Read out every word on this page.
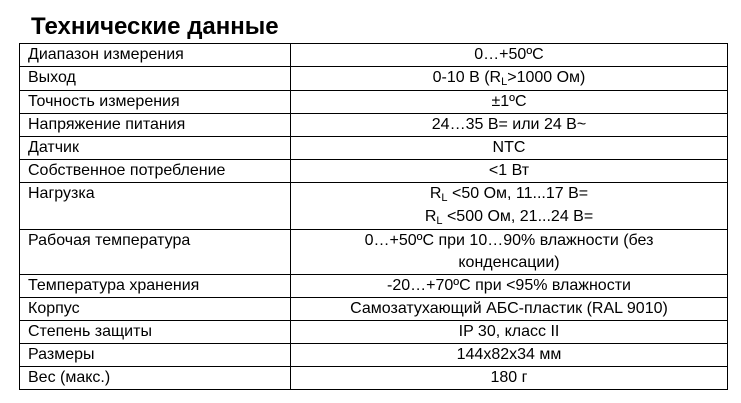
Технические данные
Диапазон измерения	0…+50ºC
Выход	0-10 В (RL>1000 Ом)
Точность измерения	±1ºC
Напряжение питания	24…35 В= или 24 В~
Датчик	NTC
Собственное потребление	<1 Вт
Нагрузка	RL <50 Ом, 11...17 В=
RL <500 Ом, 21...24 В=

Рабочая температура	0…+50ºC при 10…90% влажности (без
конденсации)

Температура хранения	-20…+70ºC при <95% влажности
Корпус	Самозатухающий АБС-пластик (RAL 9010)
Степень защиты	IP 30, класс II
Размеры	144x82x34 мм
Вес (макс.)	180 г
